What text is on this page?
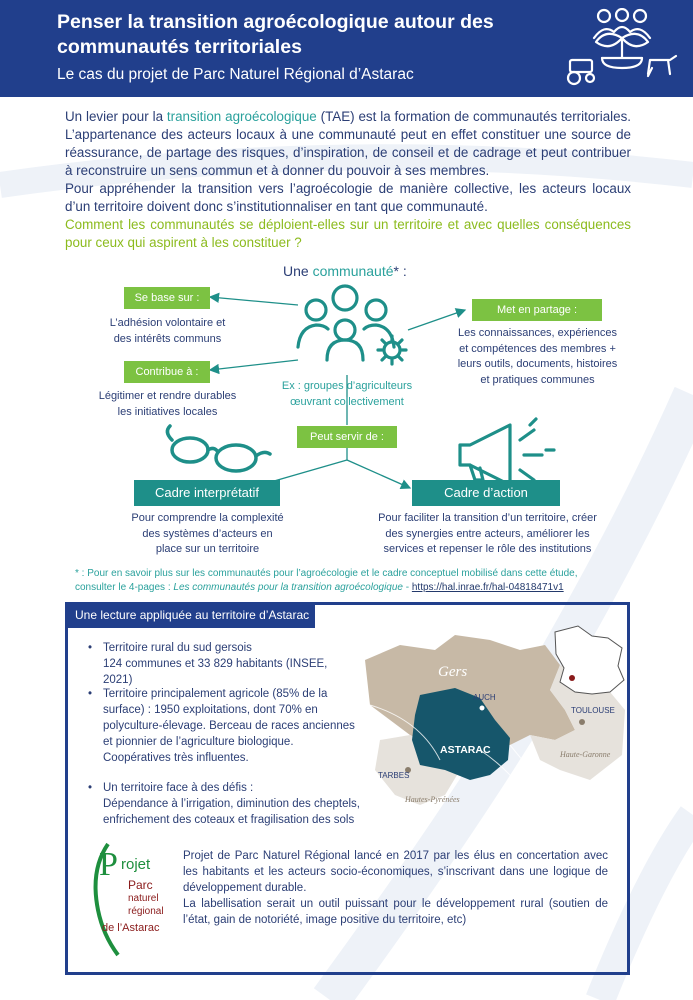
Penser la transition agroécologique autour des communautés territoriales
Le cas du projet de Parc Naturel Régional d’Astarac
Un levier pour la transition agroécologique (TAE) est la formation de communautés territoriales. L’appartenance des acteurs locaux à une communauté peut en effet constituer une source de réassurance, de partage des risques, d’inspiration, de conseil et de cadrage et peut contribuer à reconstruire un sens commun et à donner du pouvoir à ses membres.
Pour appréhender la transition vers l’agroécologie de manière collective, les acteurs locaux d’un territoire doivent donc s’institutionnaliser en tant que communauté.
Comment les communautés se déploient-elles sur un territoire et avec quelles conséquences pour ceux qui aspirent à les constituer ?
Une communauté* :
Se base sur :
L’adhésion volontaire et
des intérêts communs
Contribue à :
Légitimer et rendre durables
les initiatives locales
Met en partage :
Les connaissances, expériences
et compétences des membres +
leurs outils, documents, histoires
et pratiques communes
Ex : groupes d’agriculteurs
œuvrant collectivement
Peut servir de :
Cadre interprétatif
Pour comprendre la complexité
des systèmes d’acteurs en
place sur un territoire
Cadre d’action
Pour faciliter la transition d’un territoire, créer
des synergies entre acteurs, améliorer les
services et repenser le rôle des institutions
* : Pour en savoir plus sur les communautés pour l’agroécologie et le cadre conceptuel mobilisé dans cette étude,
consulter le 4-pages : Les communautés pour la transition agroécologique - https://hal.inrae.fr/hal-04818471v1
Une lecture appliquée au territoire d’Astarac
• Territoire rural du sud gersois
124 communes et 33 829 habitants (INSEE, 2021)
• Territoire principalement agricole (85% de la
surface) : 1950 exploitations, dont 70% en
polyculture-élevage. Berceau de races anciennes
et pionnier de l’agriculture biologique.
Coopératives très influentes.
• Un territoire face à des défis :
Dépendance à l’irrigation, diminution des cheptels,
enfrichement des coteaux et fragilisation des sols
Gers
AUCH
ASTARAC
TOULOUSE
TARBES
Haute-Garonne
Hautes-Pyrénées
P rojet
Parc
naturel
régional
de l’Astarac
Projet de Parc Naturel Régional lancé en 2017 par les élus en concertation avec les habitants et les acteurs socio-économiques, s’inscrivant dans une logique de développement durable.
La labellisation serait un outil puissant pour le développement rural (soutien de l’état, gain de notoriété, image positive du territoire, etc)
